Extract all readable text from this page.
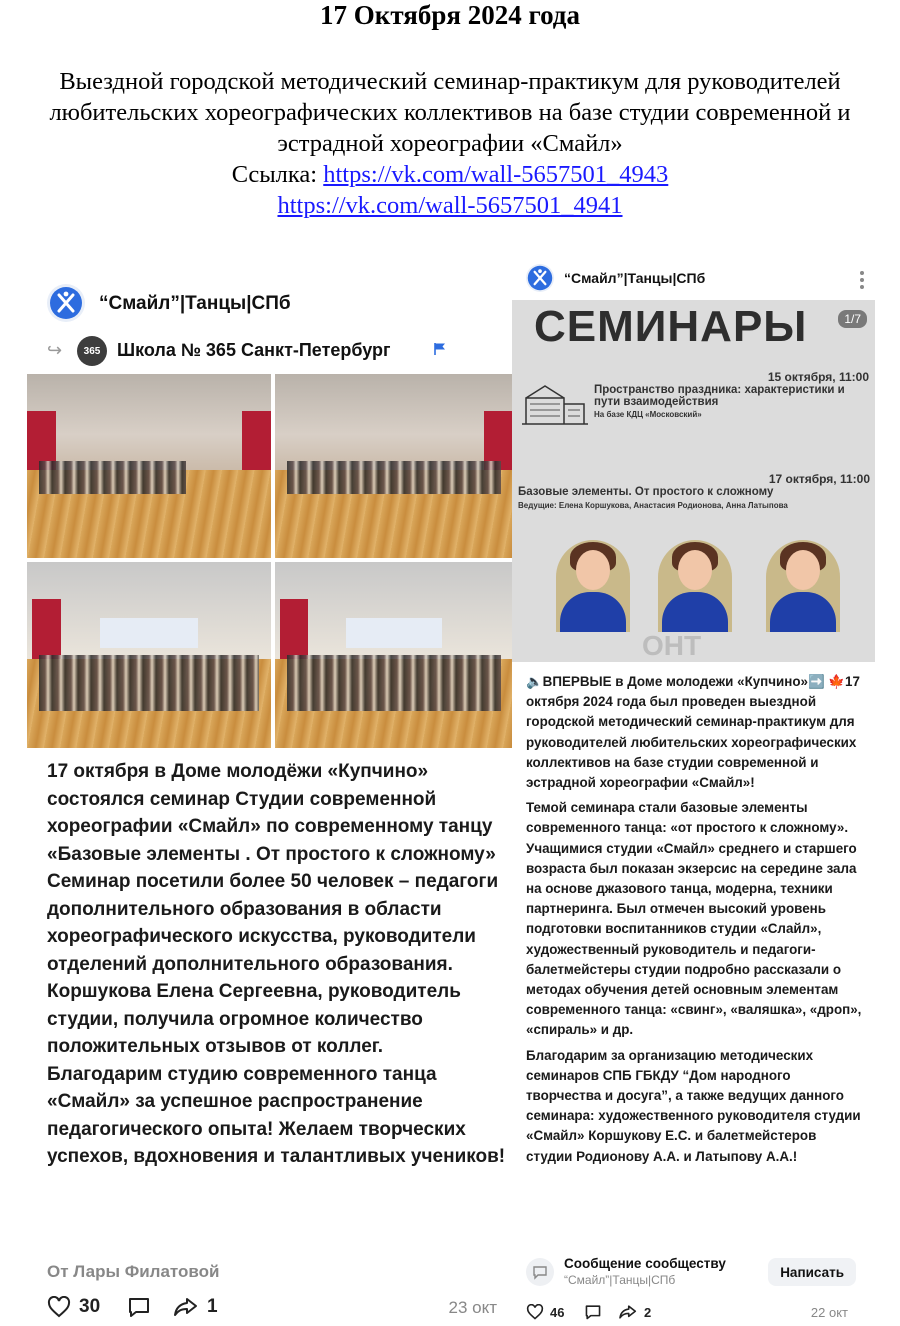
17 Октября 2024 года
Выездной городской методический семинар-практикум для руководителей
любительских хореографических коллективов на базе студии современной и
эстрадной хореографии «Смайл»
Ссылка: https://vk.com/wall-5657501_4943
https://vk.com/wall-5657501_4941
“Смайл”|Танцы|СПб
↪	365 Школа № 365 Санкт-Петербург

17 октября в Доме молодёжи «Купчино» состоялся семинар Студии современной хореографии «Смайл» по современному танцу «Базовые элементы . От простого к сложному»

Семинар посетили более 50 человек – педагоги дополнительного образования в области хореографического искусства, руководители отделений дополнительного образования. Коршукова Елена Сергеевна, руководитель студии, получила огромное количество положительных отзывов от коллег.

Благодарим студию современного танца «Смайл» за успешное распространение педагогического опыта! Желаем творческих успехов, вдохновения и талантливых учеников!

От Лары Филатовой
30	1	23 окт
“Смайл”|Танцы|СПб
СЕМИНАРЫ	1/7
15 октября, 11:00
Пространство праздника: характеристики и пути взаимодействия
На базе КДЦ «Московский»
17 октября, 11:00
Базовые элементы. От простого к сложному
Ведущие: Елена Коршукова, Анастасия Родионова, Анна Латыпова
ОНТ

🔈ВПЕРВЫЕ в Доме молодежи «Купчино»➡️ 🍁17 октября 2024 года был проведен выездной городской методический семинар-практикум для руководителей любительских хореографических коллективов на базе студии современной и эстрадной хореографии «Смайл»!

Темой семинара стали базовые элементы современного танца: «от простого к сложному». Учащимися студии «Смайл» среднего и старшего возраста был показан экзерсис на середине зала на основе джазового танца, модерна, техники партнеринга. Был отмечен высокий уровень подготовки воспитанников студии «Слайл», художественный руководитель и педагоги-балетмейстеры студии подробно рассказали о методах обучения детей основным элементам современного танца: «свинг», «валяшка», «дроп», «спираль» и др.

Благодарим за организацию методических семинаров СПБ ГБКДУ “Дом народного творчества и досуга”, а также ведущих данного семинара: художественного руководителя студии «Смайл» Коршукову Е.С. и балетмейстеров студии Родионову А.А. и Латыпову А.А.!

Сообщение сообществу
“Смайл”|Танцы|СПб
Написать
46	2	22 окт
